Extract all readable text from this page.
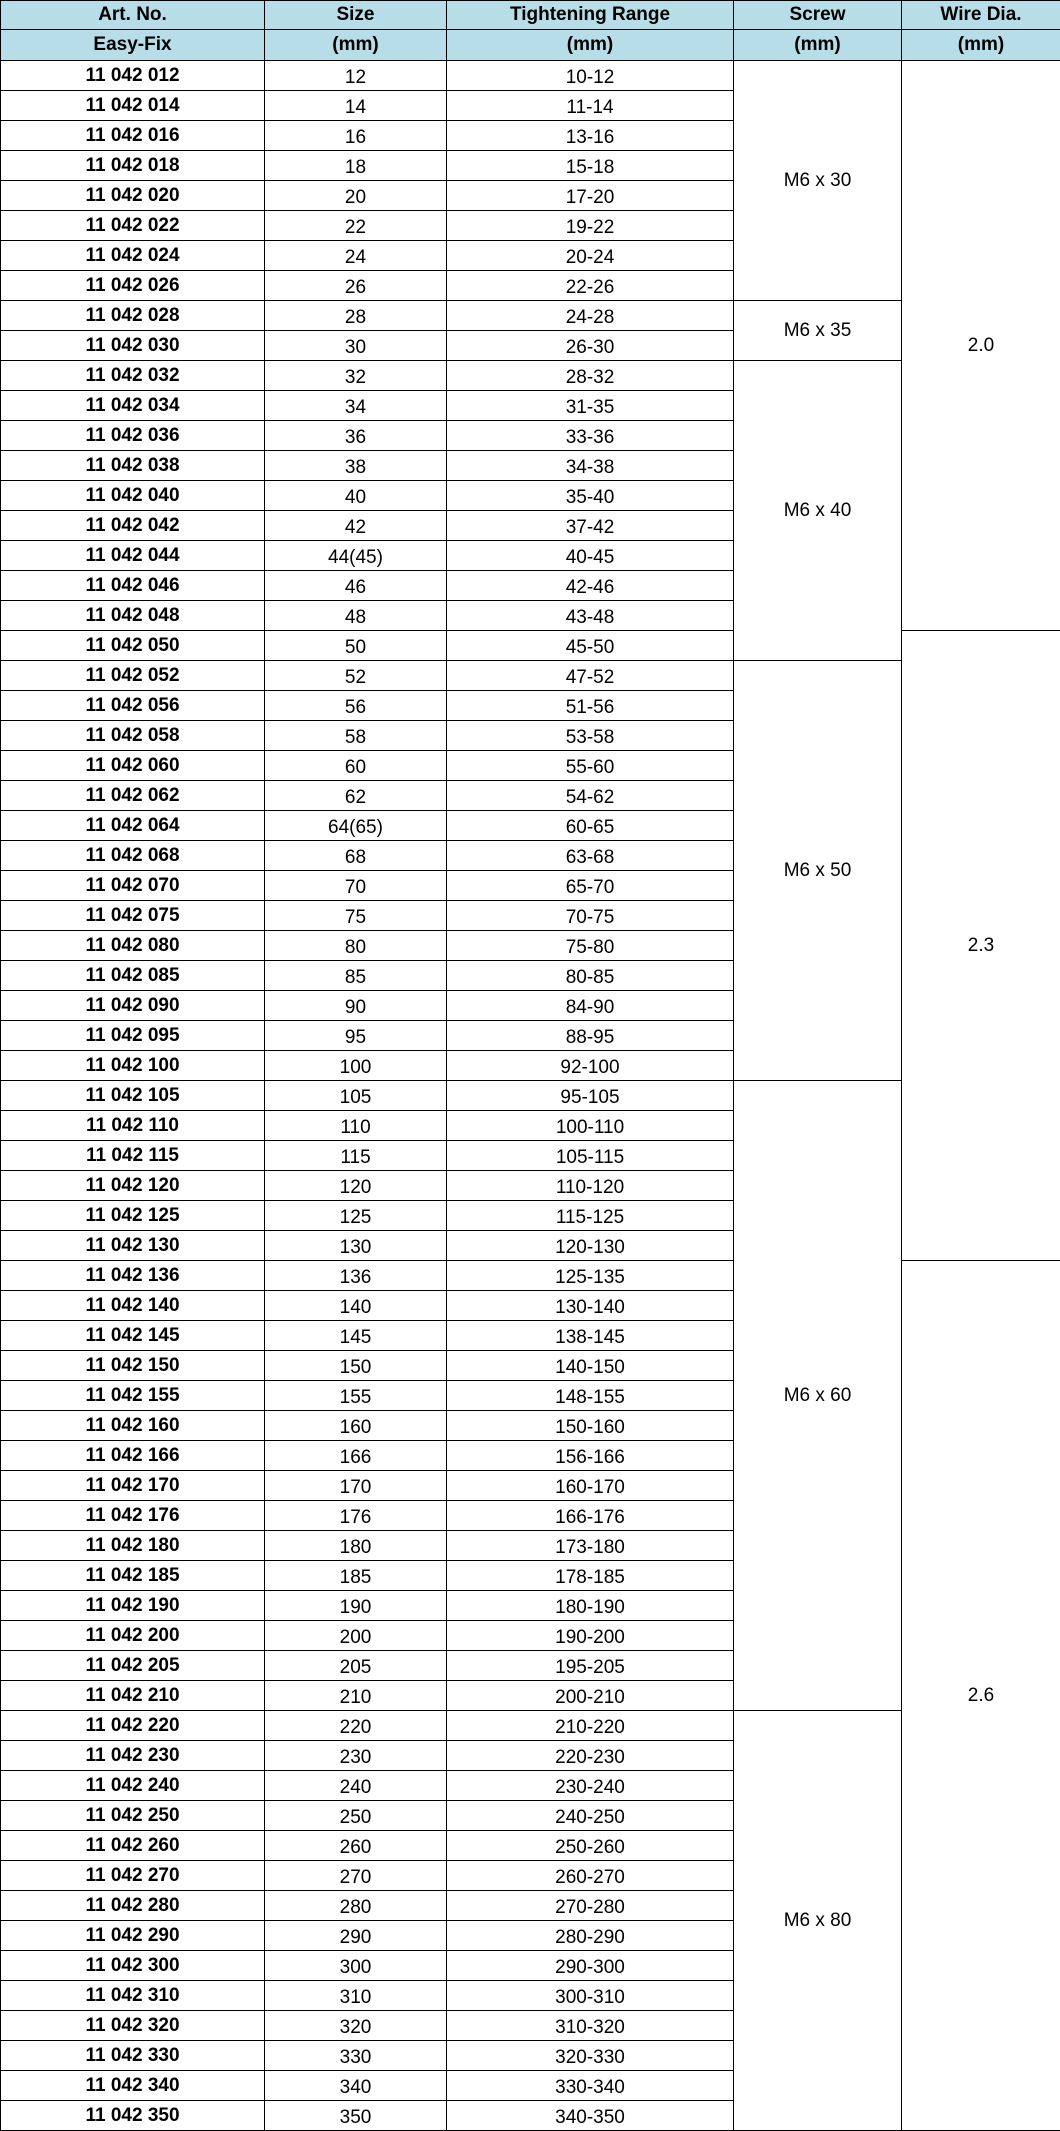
Art. No.	Size	Tightening Range	Screw	Wire Dia.
Easy-Fix	(mm)	(mm)	(mm)	(mm)
11 042 012	12	10-12	M6 x 30	2.0
11 042 014	14	11-14		
11 042 016	16	13-16		
11 042 018	18	15-18		
11 042 020	20	17-20		
11 042 022	22	19-22		
11 042 024	24	20-24		
11 042 026	26	22-26		
11 042 028	28	24-28	M6 x 35	
11 042 030	30	26-30		
11 042 032	32	28-32	M6 x 40	
11 042 034	34	31-35		
11 042 036	36	33-36		
11 042 038	38	34-38		
11 042 040	40	35-40		
11 042 042	42	37-42		
11 042 044	44(45)	40-45		
11 042 046	46	42-46		
11 042 048	48	43-48		
11 042 050	50	45-50		2.3
11 042 052	52	47-52	M6 x 50	
11 042 056	56	51-56		
11 042 058	58	53-58		
11 042 060	60	55-60		
11 042 062	62	54-62		
11 042 064	64(65)	60-65		
11 042 068	68	63-68		
11 042 070	70	65-70		
11 042 075	75	70-75		
11 042 080	80	75-80		
11 042 085	85	80-85		
11 042 090	90	84-90		
11 042 095	95	88-95		
11 042 100	100	92-100		
11 042 105	105	95-105	M6 x 60	
11 042 110	110	100-110		
11 042 115	115	105-115		
11 042 120	120	110-120		
11 042 125	125	115-125		
11 042 130	130	120-130		
11 042 136	136	125-135		2.6
11 042 140	140	130-140		
11 042 145	145	138-145		
11 042 150	150	140-150		
11 042 155	155	148-155		
11 042 160	160	150-160		
11 042 166	166	156-166		
11 042 170	170	160-170		
11 042 176	176	166-176		
11 042 180	180	173-180		
11 042 185	185	178-185		
11 042 190	190	180-190		
11 042 200	200	190-200		
11 042 205	205	195-205		
11 042 210	210	200-210		
11 042 220	220	210-220	M6 x 80	
11 042 230	230	220-230		
11 042 240	240	230-240		
11 042 250	250	240-250		
11 042 260	260	250-260		
11 042 270	270	260-270		
11 042 280	280	270-280		
11 042 290	290	280-290		
11 042 300	300	290-300		
11 042 310	310	300-310		
11 042 320	320	310-320		
11 042 330	330	320-330		
11 042 340	340	330-340		
11 042 350	350	340-350		
